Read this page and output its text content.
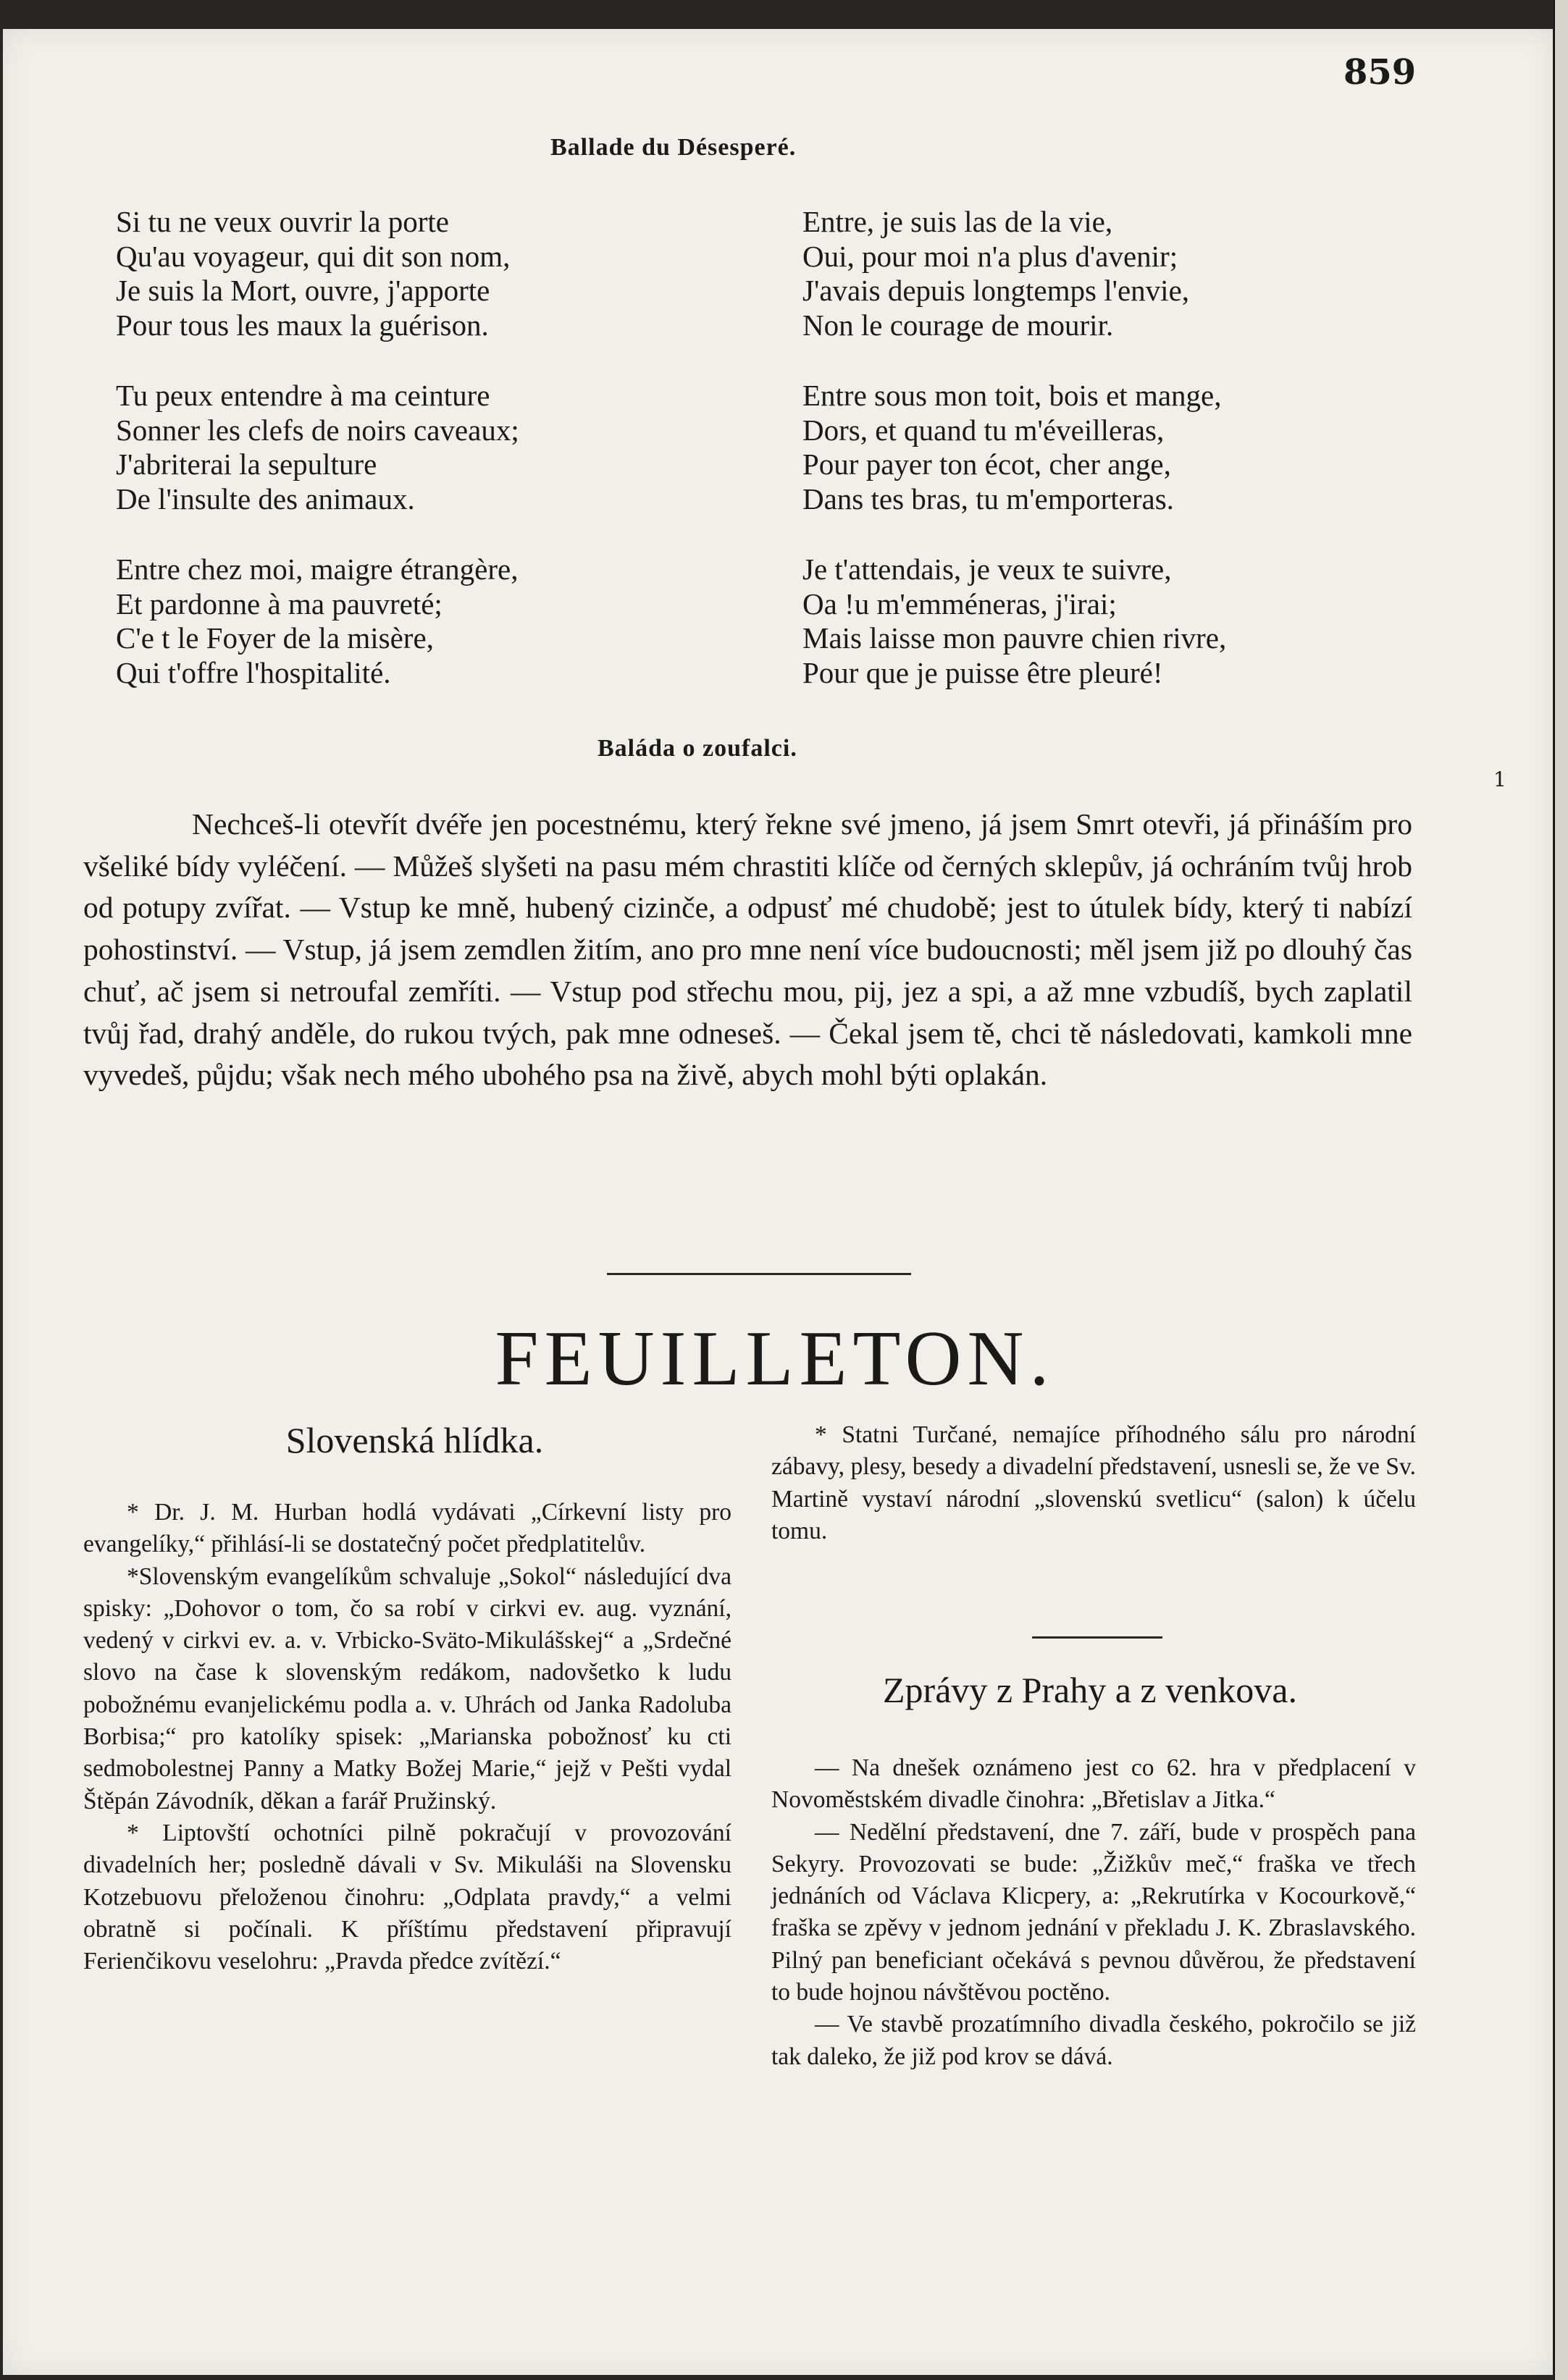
859
Ballade du Désesperé.
Si tu ne veux ouvrir la porte
Qu'au voyageur, qui dit son nom,
Je suis la Mort, ouvre, j'apporte
Pour tous les maux la guérison.
Tu peux entendre à ma ceinture
Sonner les clefs de noirs caveaux;
J'abriterai la sepulture
De l'insulte des animaux.
Entre chez moi, maigre étrangère,
Et pardonne à ma pauvreté;
C'e t le Foyer de la misère,
Qui t'offre l'hospitalité.
Entre, je suis las de la vie,
Oui, pour moi n'a plus d'avenir;
J'avais depuis longtemps l'envie,
Non le courage de mourir.
Entre sous mon toit, bois et mange,
Dors, et quand tu m'éveilleras,
Pour payer ton écot, cher ange,
Dans tes bras, tu m'emporteras.
Je t'attendais, je veux te suivre,
Oa !u m'emméneras, j'irai;
Mais laisse mon pauvre chien rivre,
Pour que je puisse être pleuré!
Baláda o zoufalci.
1
Nechceš-li otevřít dvéře jen pocestnému, který řekne své jmeno, já jsem Smrt otevři, já přináším pro všeliké bídy vyléčení. — Můžeš slyšeti na pasu mém chrastiti klíče od černých sklepův, já ochráním tvůj hrob od potupy zvířat. — Vstup ke mně, hubený cizinče, a odpusť mé chudobě; jest to útulek bídy, který ti nabízí pohostinství. — Vstup, já jsem zemdlen žitím, ano pro mne není více budoucnosti; měl jsem již po dlouhý čas chuť, ač jsem si netroufal zemříti. — Vstup pod střechu mou, pij, jez a spi, a až mne vzbudíš, bych zaplatil tvůj řad, drahý anděle, do rukou tvých, pak mne odneseš. — Čekal jsem tě, chci tě následovati, kamkoli mne vyvedeš, půjdu; však nech mého ubohého psa na živě, abych mohl býti oplakán.
FEUILLETON.
Slovenská hlídka.

* Dr. J. M. Hurban hodlá vydávati „Církevní listy pro evangelíky,“ přihlásí-li se dostatečný počet předplatitelův.

*Slovenským evangelíkům schvaluje „Sokol“ následující dva spisky: „Dohovor o tom, čo sa robí v cirkvi ev. aug. vyznání, vedený v cirkvi ev. a. v. Vrbicko-Sväto-Mikulášskej“ a „Srdečné slovo na čase k slovenským redákom, nadovšetko k ludu pobožnému evanjelickému podla a. v. Uhrách od Janka Radoluba Borbisa;“ pro katolíky spisek: „Marianska pobožnosť ku cti sedmobolestnej Panny a Matky Božej Marie,“ jejž v Pešti vydal Štěpán Závodník, děkan a farář Pružinský.

* Liptovští ochotníci pilně pokračují v provozování divadelních her; posledně dávali v Sv. Mikuláši na Slovensku Kotzebuovu přeloženou činohru: „Odplata pravdy,“ a velmi obratně si počínali. K příštímu představení připravují Ferienčikovu veselohru: „Pravda předce zvítězí.“

* Statni Turčané, nemajíce příhodného sálu pro národní zábavy, plesy, besedy a divadelní představení, usnesli se, že ve Sv. Martině vystaví národní „slovenskú svetlicu“ (salon) k účelu tomu.

Zprávy z Prahy a z venkova.

— Na dnešek oznámeno jest co 62. hra v předplacení v Novoměstském divadle činohra: „Břetislav a Jitka.“

— Nedělní představení, dne 7. září, bude v prospěch pana Sekyry. Provozovati se bude: „Žižkův meč,“ fraška ve třech jednáních od Václava Klicpery, a: „Rekrutírka v Kocourkově,“ fraška se zpěvy v jednom jednání v překladu J. K. Zbraslavského. Pilný pan beneficiant očekává s pevnou důvěrou, že představení to bude hojnou návštěvou poctěno.

— Ve stavbě prozatímního divadla českého, pokročilo se již tak daleko, že již pod krov se dává.
